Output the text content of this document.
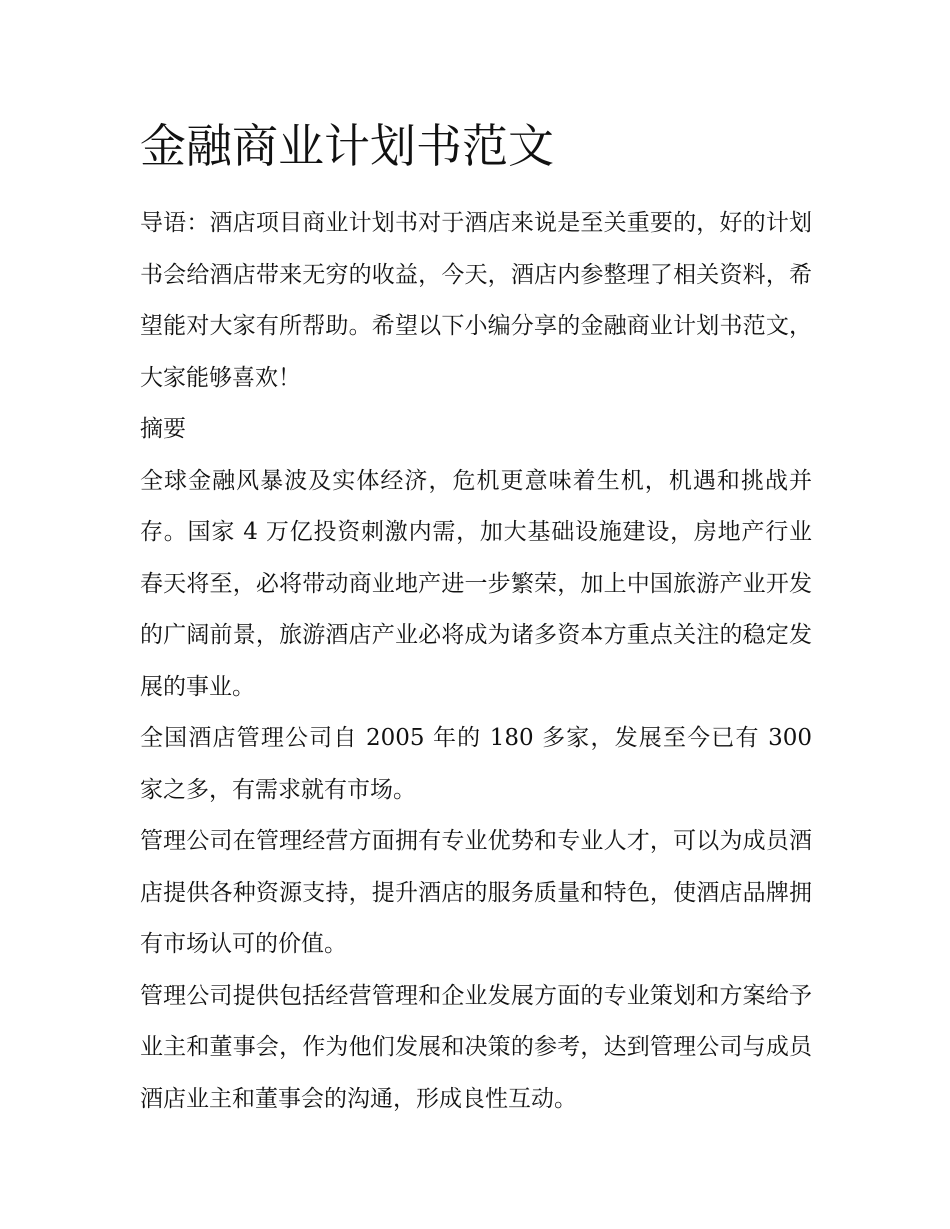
金融商业计划书范文

导语：酒店项目商业计划书对于酒店来说是至关重要的，好的计划书会给酒店带来无穷的收益，今天，酒店内参整理了相关资料，希望能对大家有所帮助。希望以下小编分享的金融商业计划书范文，大家能够喜欢！

摘要

全球金融风暴波及实体经济，危机更意味着生机，机遇和挑战并存。国家 4 万亿投资刺激内需，加大基础设施建设，房地产行业春天将至，必将带动商业地产进一步繁荣，加上中国旅游产业开发的广阔前景，旅游酒店产业必将成为诸多资本方重点关注的稳定发展的事业。

全国酒店管理公司自 2005 年的 180 多家，发展至今已有 300 家之多，有需求就有市场。

管理公司在管理经营方面拥有专业优势和专业人才，可以为成员酒店提供各种资源支持，提升酒店的服务质量和特色，使酒店品牌拥有市场认可的价值。

管理公司提供包括经营管理和企业发展方面的专业策划和方案给予业主和董事会，作为他们发展和决策的参考，达到管理公司与成员酒店业主和董事会的沟通，形成良性互动。
